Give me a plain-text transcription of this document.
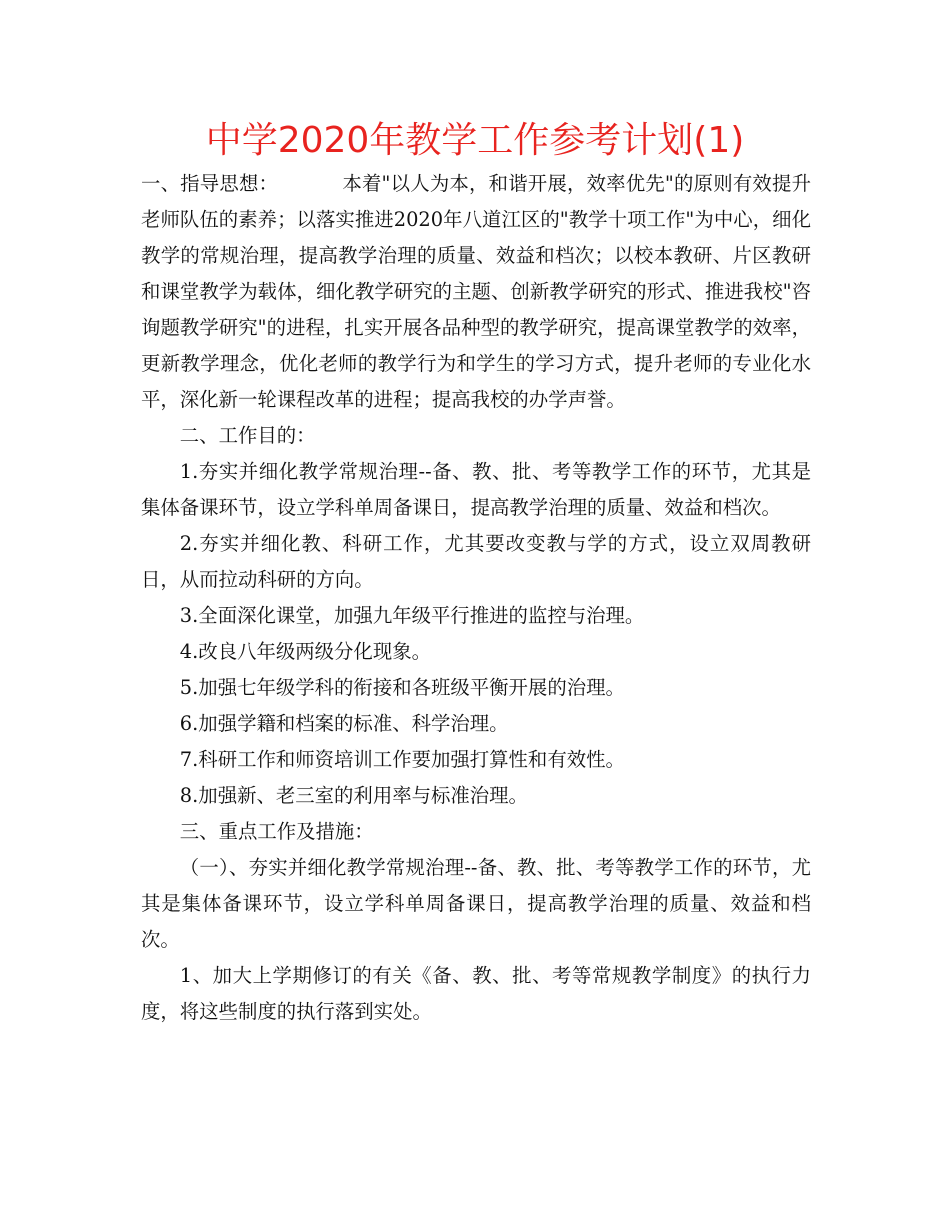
中学2020年教学工作参考计划(1)

一、指导思想：	本着"以人为本，和谐开展，效率优先"的原则有效提升老师队伍的素养；以落实推进2020年八道江区的"教学十项工作"为中心，细化教学的常规治理，提高教学治理的质量、效益和档次；以校本教研、片区教研和课堂教学为载体，细化教学研究的主题、创新教学研究的形式、推进我校"咨询题教学研究"的进程，扎实开展各品种型的教学研究，提高课堂教学的效率，更新教学理念，优化老师的教学行为和学生的学习方式，提升老师的专业化水平，深化新一轮课程改革的进程；提高我校的办学声誉。

二、工作目的：

1.夯实并细化教学常规治理--备、教、批、考等教学工作的环节，尤其是集体备课环节，设立学科单周备课日，提高教学治理的质量、效益和档次。

2.夯实并细化教、科研工作，尤其要改变教与学的方式，设立双周教研日，从而拉动科研的方向。

3.全面深化课堂，加强九年级平行推进的监控与治理。

4.改良八年级两级分化现象。

5.加强七年级学科的衔接和各班级平衡开展的治理。

6.加强学籍和档案的标准、科学治理。

7.科研工作和师资培训工作要加强打算性和有效性。

8.加强新、老三室的利用率与标准治理。

三、重点工作及措施：

（一）、夯实并细化教学常规治理--备、教、批、考等教学工作的环节，尤其是集体备课环节，设立学科单周备课日，提高教学治理的质量、效益和档次。

1、加大上学期修订的有关《备、教、批、考等常规教学制度》的执行力度，将这些制度的执行落到实处。
